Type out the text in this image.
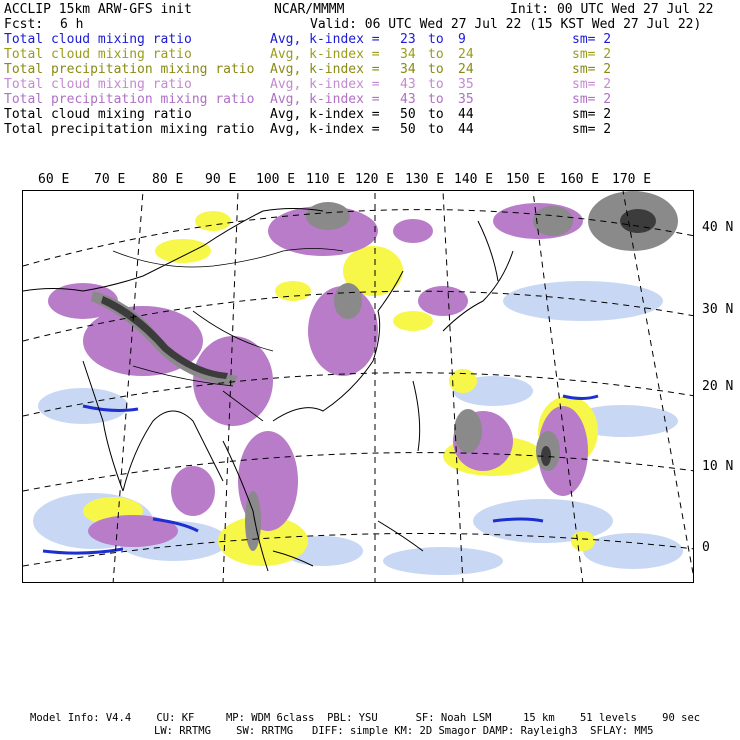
ACCLIP 15km ARW-GFS init	NCAR/MMMM	Init: 00 UTC Wed 27 Jul 22
Fcst: 6 h	Valid: 06 UTC Wed 27 Jul 22 (15 KST Wed 27 Jul 22)
Total cloud mixing ratio	Avg, k-index = 23 to 9	sm= 2
Total cloud mixing ratio	Avg, k-index = 34 to 24	sm= 2
Total precipitation mixing ratio Avg, k-index = 34 to 24	sm= 2
Total cloud mixing ratio	Avg, k-index = 43 to 35	sm= 2
Total precipitation mixing ratio Avg, k-index = 43 to 35	sm= 2
Total cloud mixing ratio	Avg, k-index = 50 to 44	sm= 2
Total precipitation mixing ratio Avg, k-index = 50 to 44	sm= 2
60 E 70 E 80 E 90 E 100 E 110 E 120 E 130 E 140 E 150 E 160 E 170 E
40 N
30 N
20 N
10 N
0
Model Info: V4.4    CU: KF     MP: WDM 6class  PBL: YSU      SF: Noah LSM     15 km    51 levels    90 sec
LW: RRTMG    SW: RRTMG   DIFF: simple KM: 2D Smagor DAMP: Rayleigh3  SFLAY: MM5
